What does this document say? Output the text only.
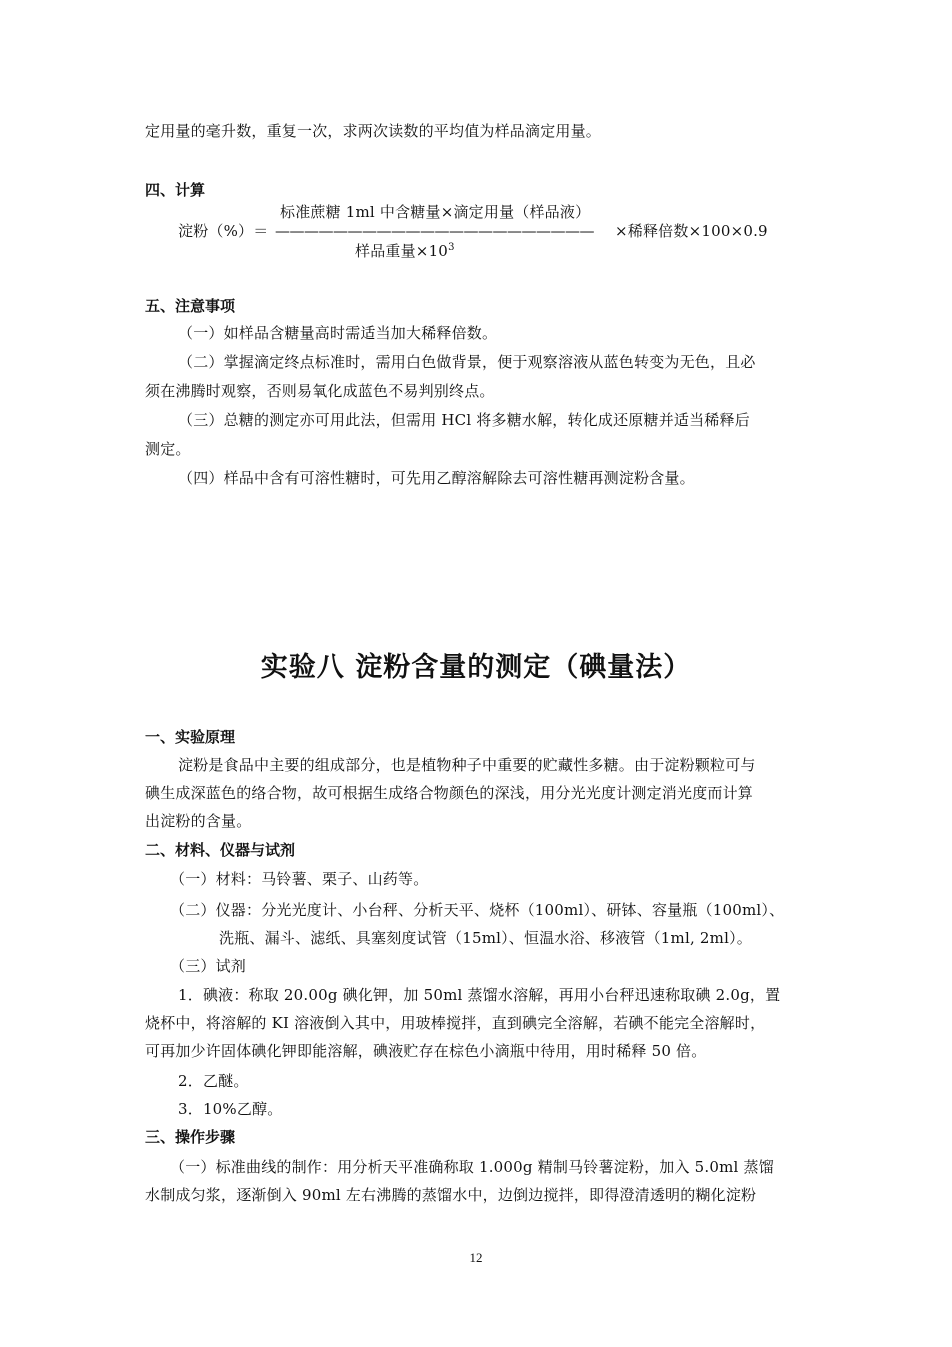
定用量的毫升数，重复一次，求两次读数的平均值为样品滴定用量。
四、计算
标准蔗糖 1ml 中含糖量×滴定用量（样品液）
淀粉（%）＝ ——————————————————————	×稀释倍数×100×0.9
样品重量$\times 10^3$
五、注意事项
（一）如样品含糖量高时需适当加大稀释倍数。
（二）掌握滴定终点标准时，需用白色做背景，便于观察溶液从蓝色转变为无色，且必
须在沸腾时观察，否则易氧化成蓝色不易判别终点。
（三）总糖的测定亦可用此法，但需用 HCl 将多糖水解，转化成还原糖并适当稀释后
测定。
（四）样品中含有可溶性糖时，可先用乙醇溶解除去可溶性糖再测淀粉含量。
实验八 淀粉含量的测定（碘量法）
一、实验原理
淀粉是食品中主要的组成部分，也是植物种子中重要的贮藏性多糖。由于淀粉颗粒可与
碘生成深蓝色的络合物，故可根据生成络合物颜色的深浅，用分光光度计测定消光度而计算
出淀粉的含量。
二、材料、仪器与试剂
（一）材料：马铃薯、栗子、山药等。
（二）仪器：分光光度计、小台秤、分析天平、烧杯（100ml）、研钵、容量瓶（100ml）、
洗瓶、漏斗、滤纸、具塞刻度试管（15ml）、恒温水浴、移液管（1ml, 2ml）。
（三）试剂
1．碘液：称取 20.00g 碘化钾，加 50ml 蒸馏水溶解，再用小台秤迅速称取碘 2.0g，置
烧杯中，将溶解的 KI 溶液倒入其中，用玻棒搅拌，直到碘完全溶解，若碘不能完全溶解时，
可再加少许固体碘化钾即能溶解，碘液贮存在棕色小滴瓶中待用，用时稀释 50 倍。
2．乙醚。
3．10%乙醇。
三、操作步骤
（一）标准曲线的制作：用分析天平准确称取 1.000g 精制马铃薯淀粉，加入 5.0ml 蒸馏
水制成匀浆，逐渐倒入 90ml 左右沸腾的蒸馏水中，边倒边搅拌，即得澄清透明的糊化淀粉
12
